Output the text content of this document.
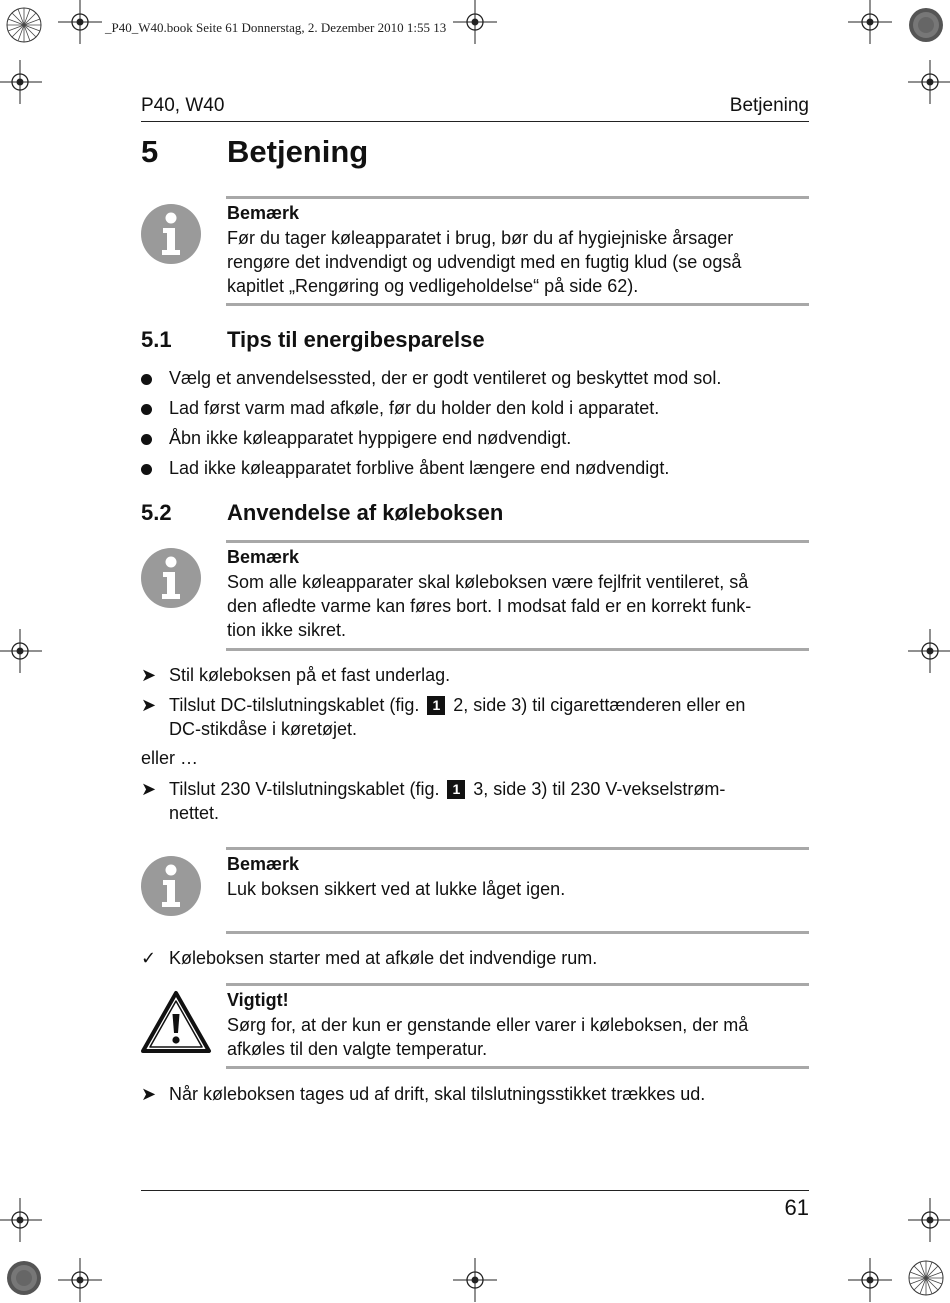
_P40_W40.book Seite 61 Donnerstag, 2. Dezember 2010 1:55 13
P40, W40	Betjening
5 Betjening
Bemærk
Før du tager køleapparatet i brug, bør du af hygiejniske årsager
rengøre det indvendigt og udvendigt med en fugtig klud (se også
kapitlet „Rengøring og vedligeholdelse“ på side 62).
5.1	Tips til energibesparelse
Vælg et anvendelsessted, der er godt ventileret og beskyttet mod sol.
Lad først varm mad afkøle, før du holder den kold i apparatet.
Åbn ikke køleapparatet hyppigere end nødvendigt.
Lad ikke køleapparatet forblive åbent længere end nødvendigt.
5.2	Anvendelse af køleboksen
Bemærk
Som alle køleapparater skal køleboksen være fejlfrit ventileret, så
den afledte varme kan føres bort. I modsat fald er en korrekt funk-
tion ikke sikret.
➤ Stil køleboksen på et fast underlag.
➤ Tilslut DC-tilslutningskablet (fig. 1 2, side 3) til cigarettænderen eller en
DC-stikdåse i køretøjet.
eller …
➤ Tilslut 230 V-tilslutningskablet (fig. 1 3, side 3) til 230 V-vekselstrøm-
nettet.
Bemærk
Luk boksen sikkert ved at lukke låget igen.
✓ Køleboksen starter med at afkøle det indvendige rum.
Vigtigt!
Sørg for, at der kun er genstande eller varer i køleboksen, der må
afkøles til den valgte temperatur.
➤ Når køleboksen tages ud af drift, skal tilslutningsstikket trækkes ud.
61
